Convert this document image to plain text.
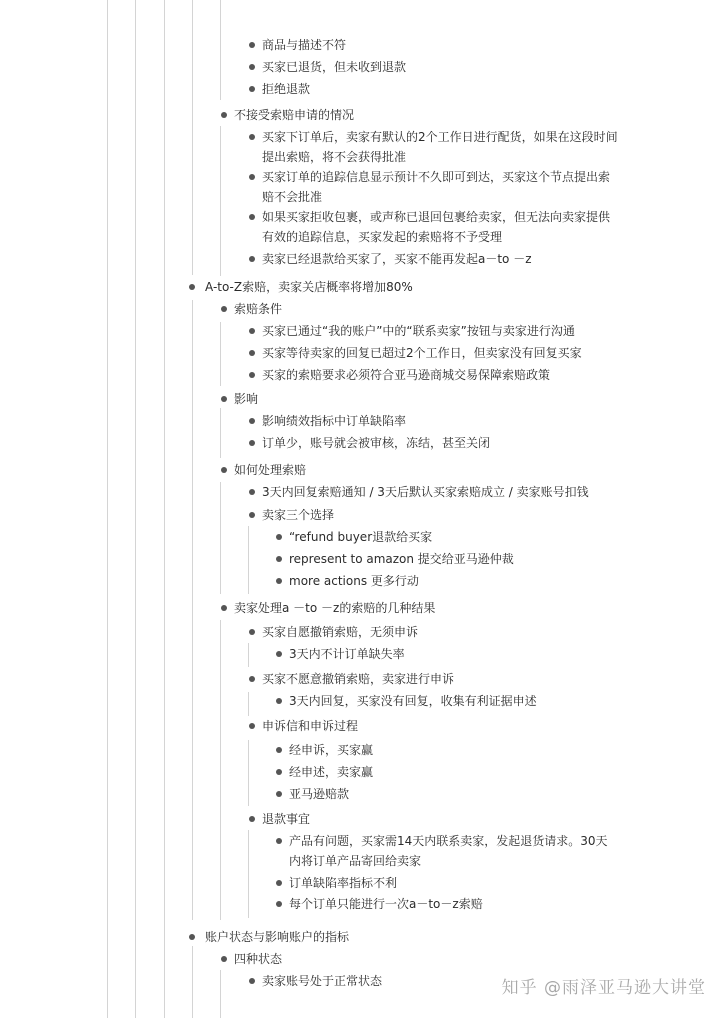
商品与描述不符
买家已退货，但未收到退款
拒绝退款
不接受索赔申请的情况
买家下订单后，卖家有默认的2个工作日进行配货，如果在这段时间提出索赔，将不会获得批准
买家订单的追踪信息显示预计不久即可到达，买家这个节点提出索赔不会批准
如果买家拒收包裹，或声称已退回包裹给卖家，但无法向卖家提供有效的追踪信息，买家发起的索赔将不予受理
卖家已经退款给买家了，买家不能再发起a－to －z
A-to-Z索赔，卖家关店概率将增加80%
索赔条件
买家已通过“我的账户”中的“联系卖家”按钮与卖家进行沟通
买家等待卖家的回复已超过2个工作日，但卖家没有回复买家
买家的索赔要求必须符合亚马逊商城交易保障索赔政策
影响
影响绩效指标中订单缺陷率
订单少，账号就会被审核，冻结，甚至关闭
如何处理索赔
3天内回复索赔通知 / 3天后默认买家索赔成立 / 卖家账号扣钱
卖家三个选择
“refund buyer退款给买家
represent to amazon 提交给亚马逊仲裁
more actions 更多行动
卖家处理a －to －z的索赔的几种结果
买家自愿撤销索赔，无须申诉
3天内不计订单缺失率
买家不愿意撤销索赔，卖家进行申诉
3天内回复，买家没有回复，收集有利证据申述
申诉信和申诉过程
经申诉，买家赢
经申述，卖家赢
亚马逊赔款
退款事宜
产品有问题，买家需14天内联系卖家，发起退货请求。30天内将订单产品寄回给卖家
订单缺陷率指标不利
每个订单只能进行一次a－to－z索赔
账户状态与影响账户的指标
四种状态
卖家账号处于正常状态	知乎 @雨泽亚马逊大讲堂
